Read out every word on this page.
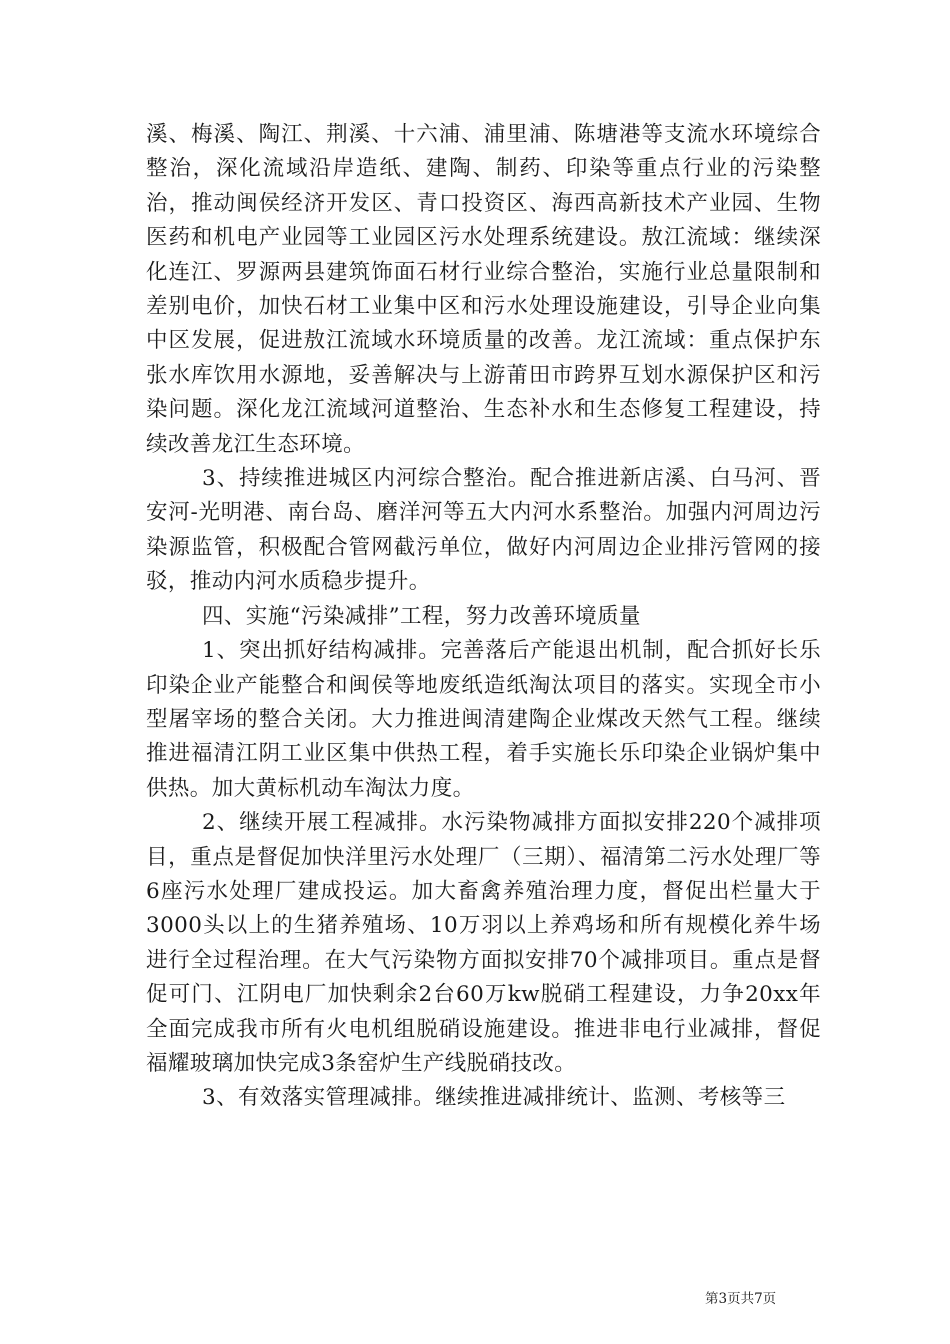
溪、梅溪、陶江、荆溪、十六浦、浦里浦、陈塘港等支流水环境综合整治，深化流域沿岸造纸、建陶、制药、印染等重点行业的污染整治，推动闽侯经济开发区、青口投资区、海西高新技术产业园、生物医药和机电产业园等工业园区污水处理系统建设。敖江流域：继续深化连江、罗源两县建筑饰面石材行业综合整治，实施行业总量限制和差别电价，加快石材工业集中区和污水处理设施建设，引导企业向集中区发展，促进敖江流域水环境质量的改善。龙江流域：重点保护东张水库饮用水源地，妥善解决与上游莆田市跨界互划水源保护区和污染问题。深化龙江流域河道整治、生态补水和生态修复工程建设，持续改善龙江生态环境。

3、持续推进城区内河综合整治。配合推进新店溪、白马河、晋安河-光明港、南台岛、磨洋河等五大内河水系整治。加强内河周边污染源监管，积极配合管网截污单位，做好内河周边企业排污管网的接驳，推动内河水质稳步提升。

四、实施“污染减排”工程，努力改善环境质量

1、突出抓好结构减排。完善落后产能退出机制，配合抓好长乐印染企业产能整合和闽侯等地废纸造纸淘汰项目的落实。实现全市小型屠宰场的整合关闭。大力推进闽清建陶企业煤改天然气工程。继续推进福清江阴工业区集中供热工程，着手实施长乐印染企业锅炉集中供热。加大黄标机动车淘汰力度。

2、继续开展工程减排。水污染物减排方面拟安排220个减排项目，重点是督促加快洋里污水处理厂（三期）、福清第二污水处理厂等6座污水处理厂建成投运。加大畜禽养殖治理力度，督促出栏量大于3000头以上的生猪养殖场、10万羽以上养鸡场和所有规模化养牛场进行全过程治理。在大气污染物方面拟安排70个减排项目。重点是督促可门、江阴电厂加快剩余2台60万kw脱硝工程建设，力争20xx年全面完成我市所有火电机组脱硝设施建设。推进非电行业减排，督促福耀玻璃加快完成3条窑炉生产线脱硝技改。

3、有效落实管理减排。继续推进减排统计、监测、考核等三

第3页共7页
